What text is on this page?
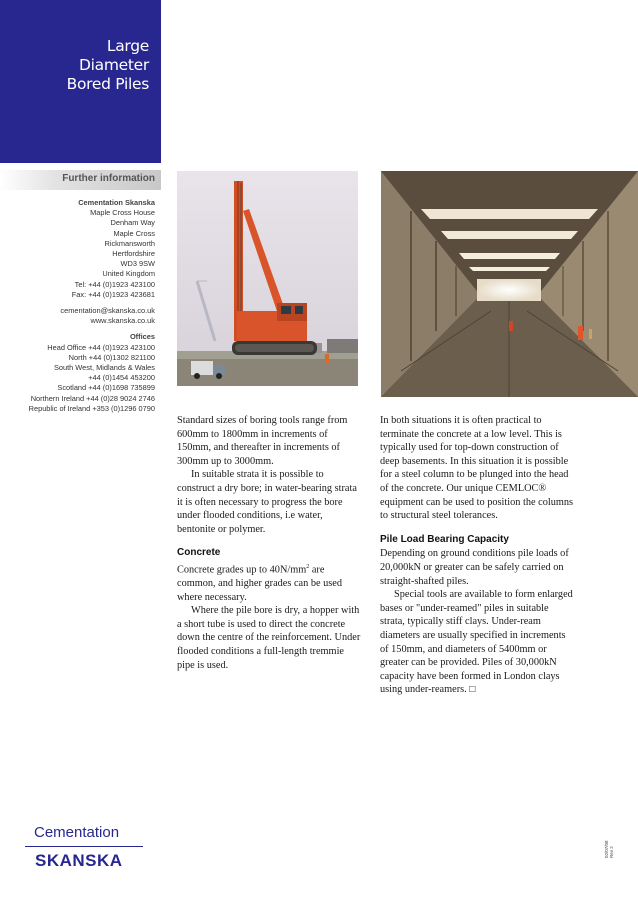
Large
Diameter
Bored Piles
Further information
Cementation Skanska
Maple Cross House
Denham Way
Maple Cross
Rickmansworth
Hertfordshire
WD3 9SW
United Kingdom
Tel: +44 (0)1923 423100
Fax: +44 (0)1923 423681
cementation@skanska.co.uk
www.skanska.co.uk
Offices
Head Office +44 (0)1923 423100
North +44 (0)1302 821100
South West, Midlands & Wales
+44 (0)1454 453200
Scotland +44 (0)1698 735899
Northern Ireland +44 (0)28 9024 2746
Republic of Ireland +353 (0)1296 0790

Standard sizes of boring tools range from 600mm to 1800mm in increments of 150mm, and thereafter in increments of 300mm up to 3000mm.

In suitable strata it is possible to construct a dry bore; in water-bearing strata it is often necessary to progress the bore under flooded conditions, i.e water, bentonite or polymer.

Concrete

Concrete grades up to $40N/mm^2$ are common, and higher grades can be used where necessary.

Where the pile bore is dry, a hopper with a short tube is used to direct the concrete down the centre of the reinforcement. Under flooded conditions a full-length tremmie pipe is used.

In both situations it is often practical to terminate the concrete at a low level. This is typically used for top-down construction of deep basements. In this situation it is possible for a steel column to be plunged into the head of the concrete. Our unique CEMLOC® equipment can be used to position the columns to structural steel tolerances.

Pile Load Bearing Capacity

Depending on ground conditions pile loads of 20,000kN or greater can be safely carried on straight-shafted piles.

Special tools are available to form enlarged bases or "under-reamed" piles in suitable strata, typically stiff clays. Under-ream diameters are usually specified in increments of 150mm, and diameters of 5400mm or greater can be provided. Piles of 30,000kN capacity have been formed in London clays using under-reamers. □

Cementation
SKANSKA
02/07/08 Rev 2
